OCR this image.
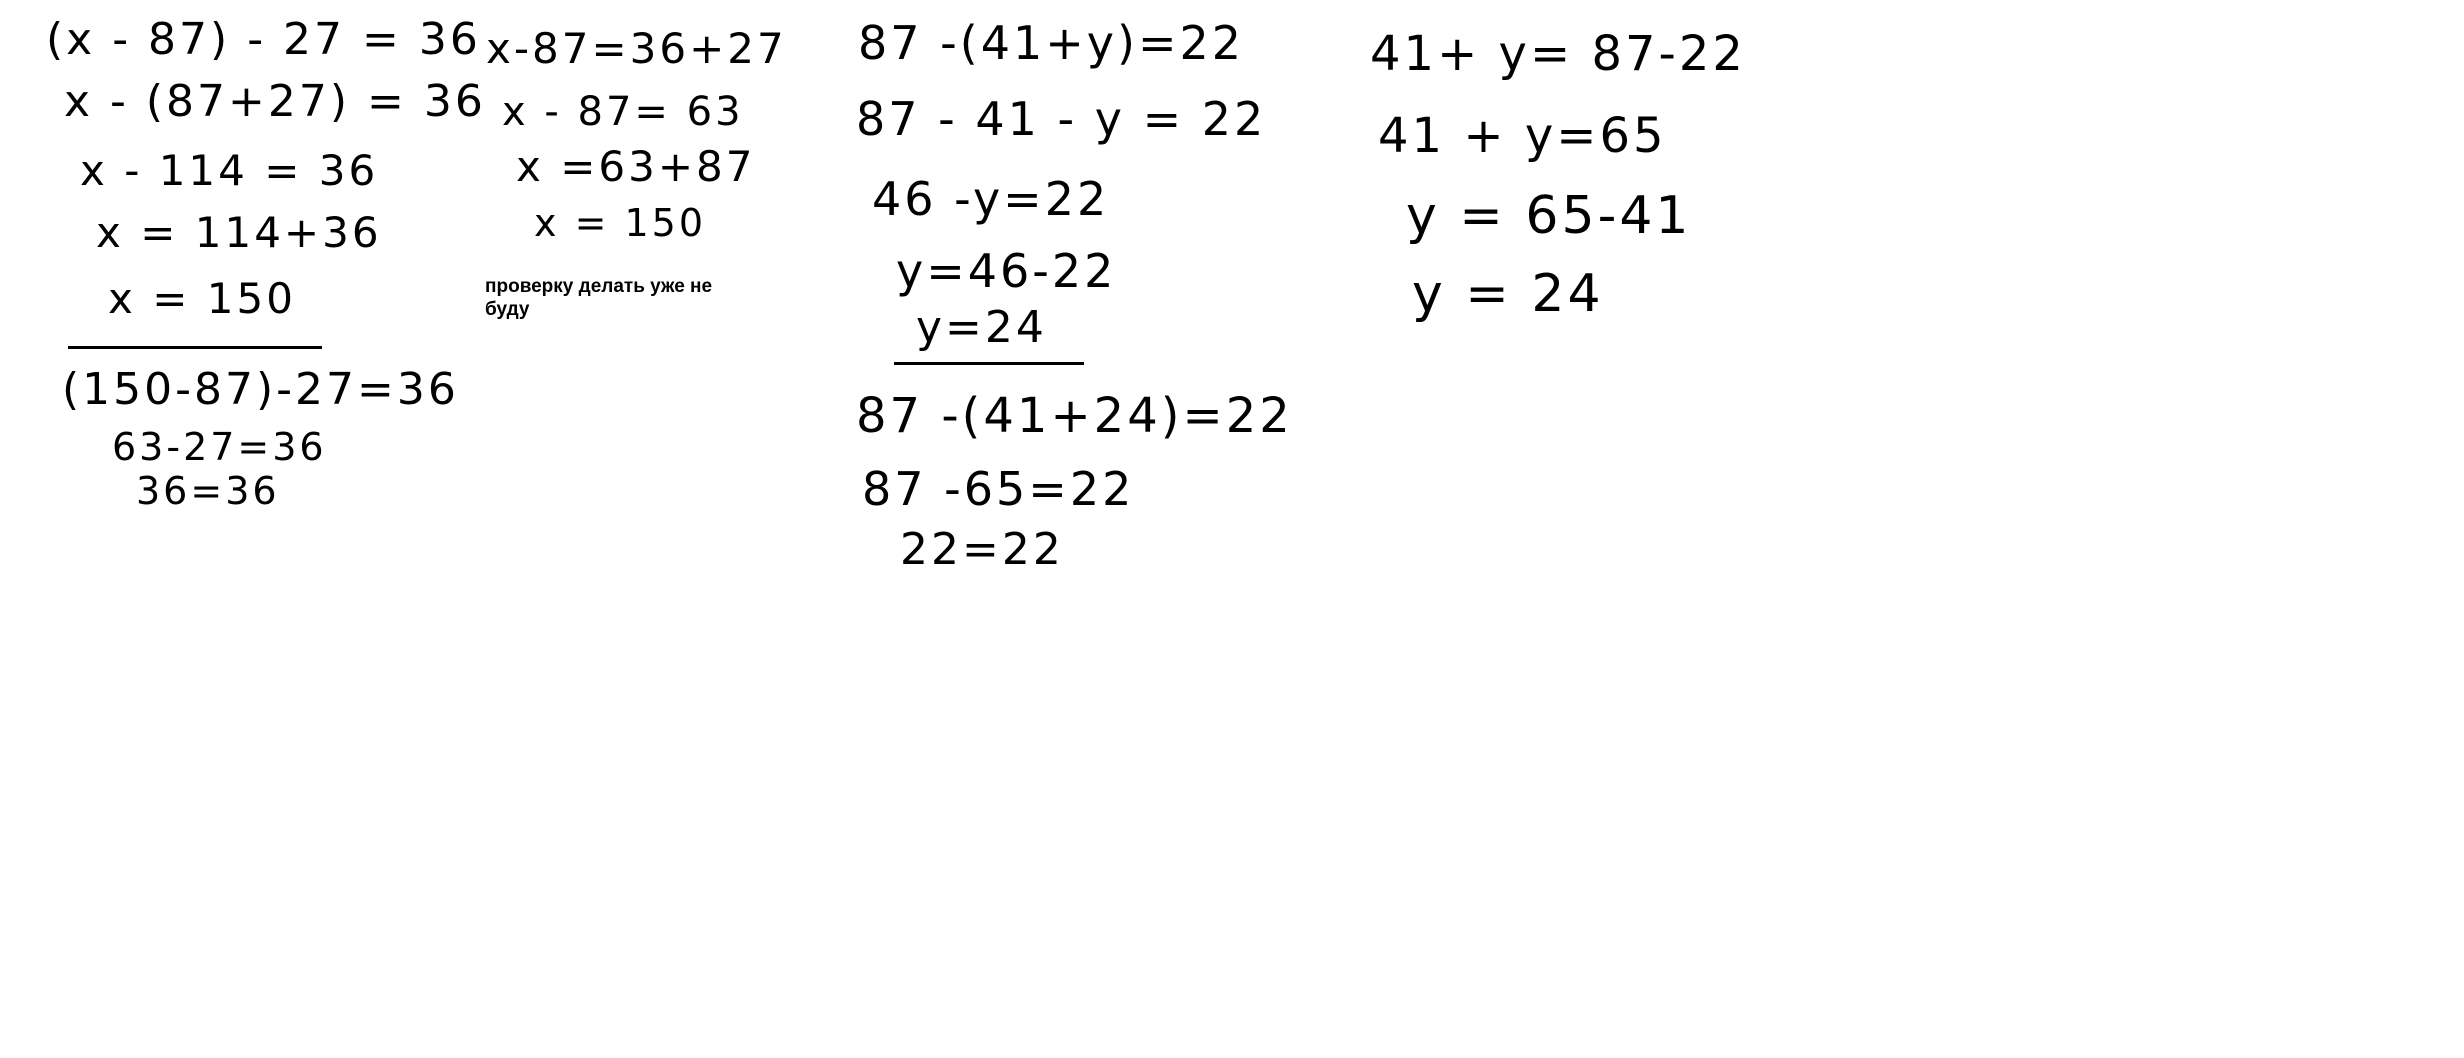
(x - 87) - 27 = 36
x - (87+27) = 36
x - 114 = 36
x = 114+36
x = 150
(150-87)-27=36
63-27=36
36=36
x-87=36+27
x - 87= 63
x =63+87
x = 150
проверку делать уже не буду
87 -(41+y)=22
87 - 41 - y = 22
46 -y=22
y=46-22
y=24
87 -(41+24)=22
87 -65=22
22=22
41+ y= 87-22
41 + y=65
y = 65-41
y = 24
